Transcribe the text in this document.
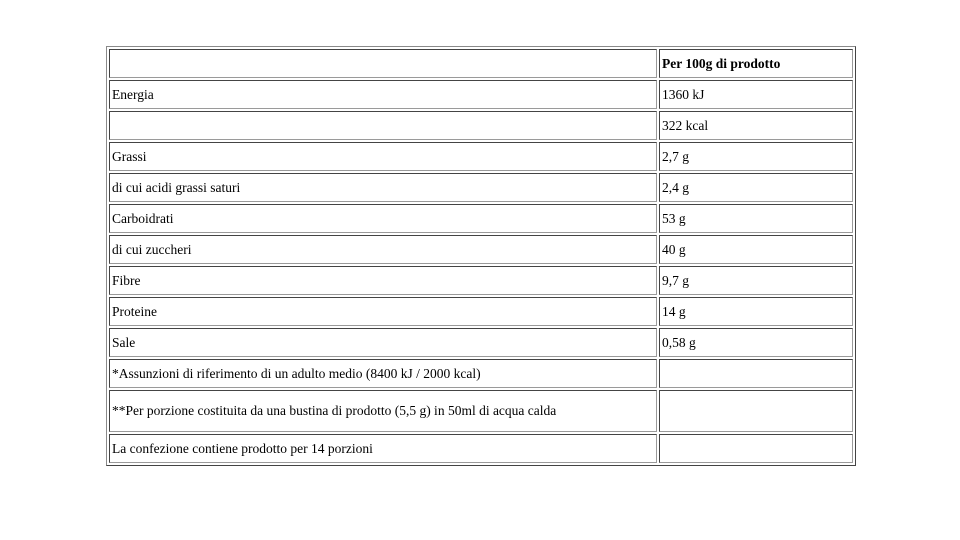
	Per 100g di prodotto
Energia	1360 kJ
	322 kcal
Grassi	2,7 g
di cui acidi grassi saturi	2,4 g
Carboidrati	53 g
di cui zuccheri	40 g
Fibre	9,7 g
Proteine	14 g
Sale	0,58 g
*Assunzioni di riferimento di un adulto medio (8400 kJ / 2000 kcal)	
**Per porzione costituita da una bustina di prodotto (5,5 g) in 50ml di acqua calda	
La confezione contiene prodotto per 14 porzioni	
